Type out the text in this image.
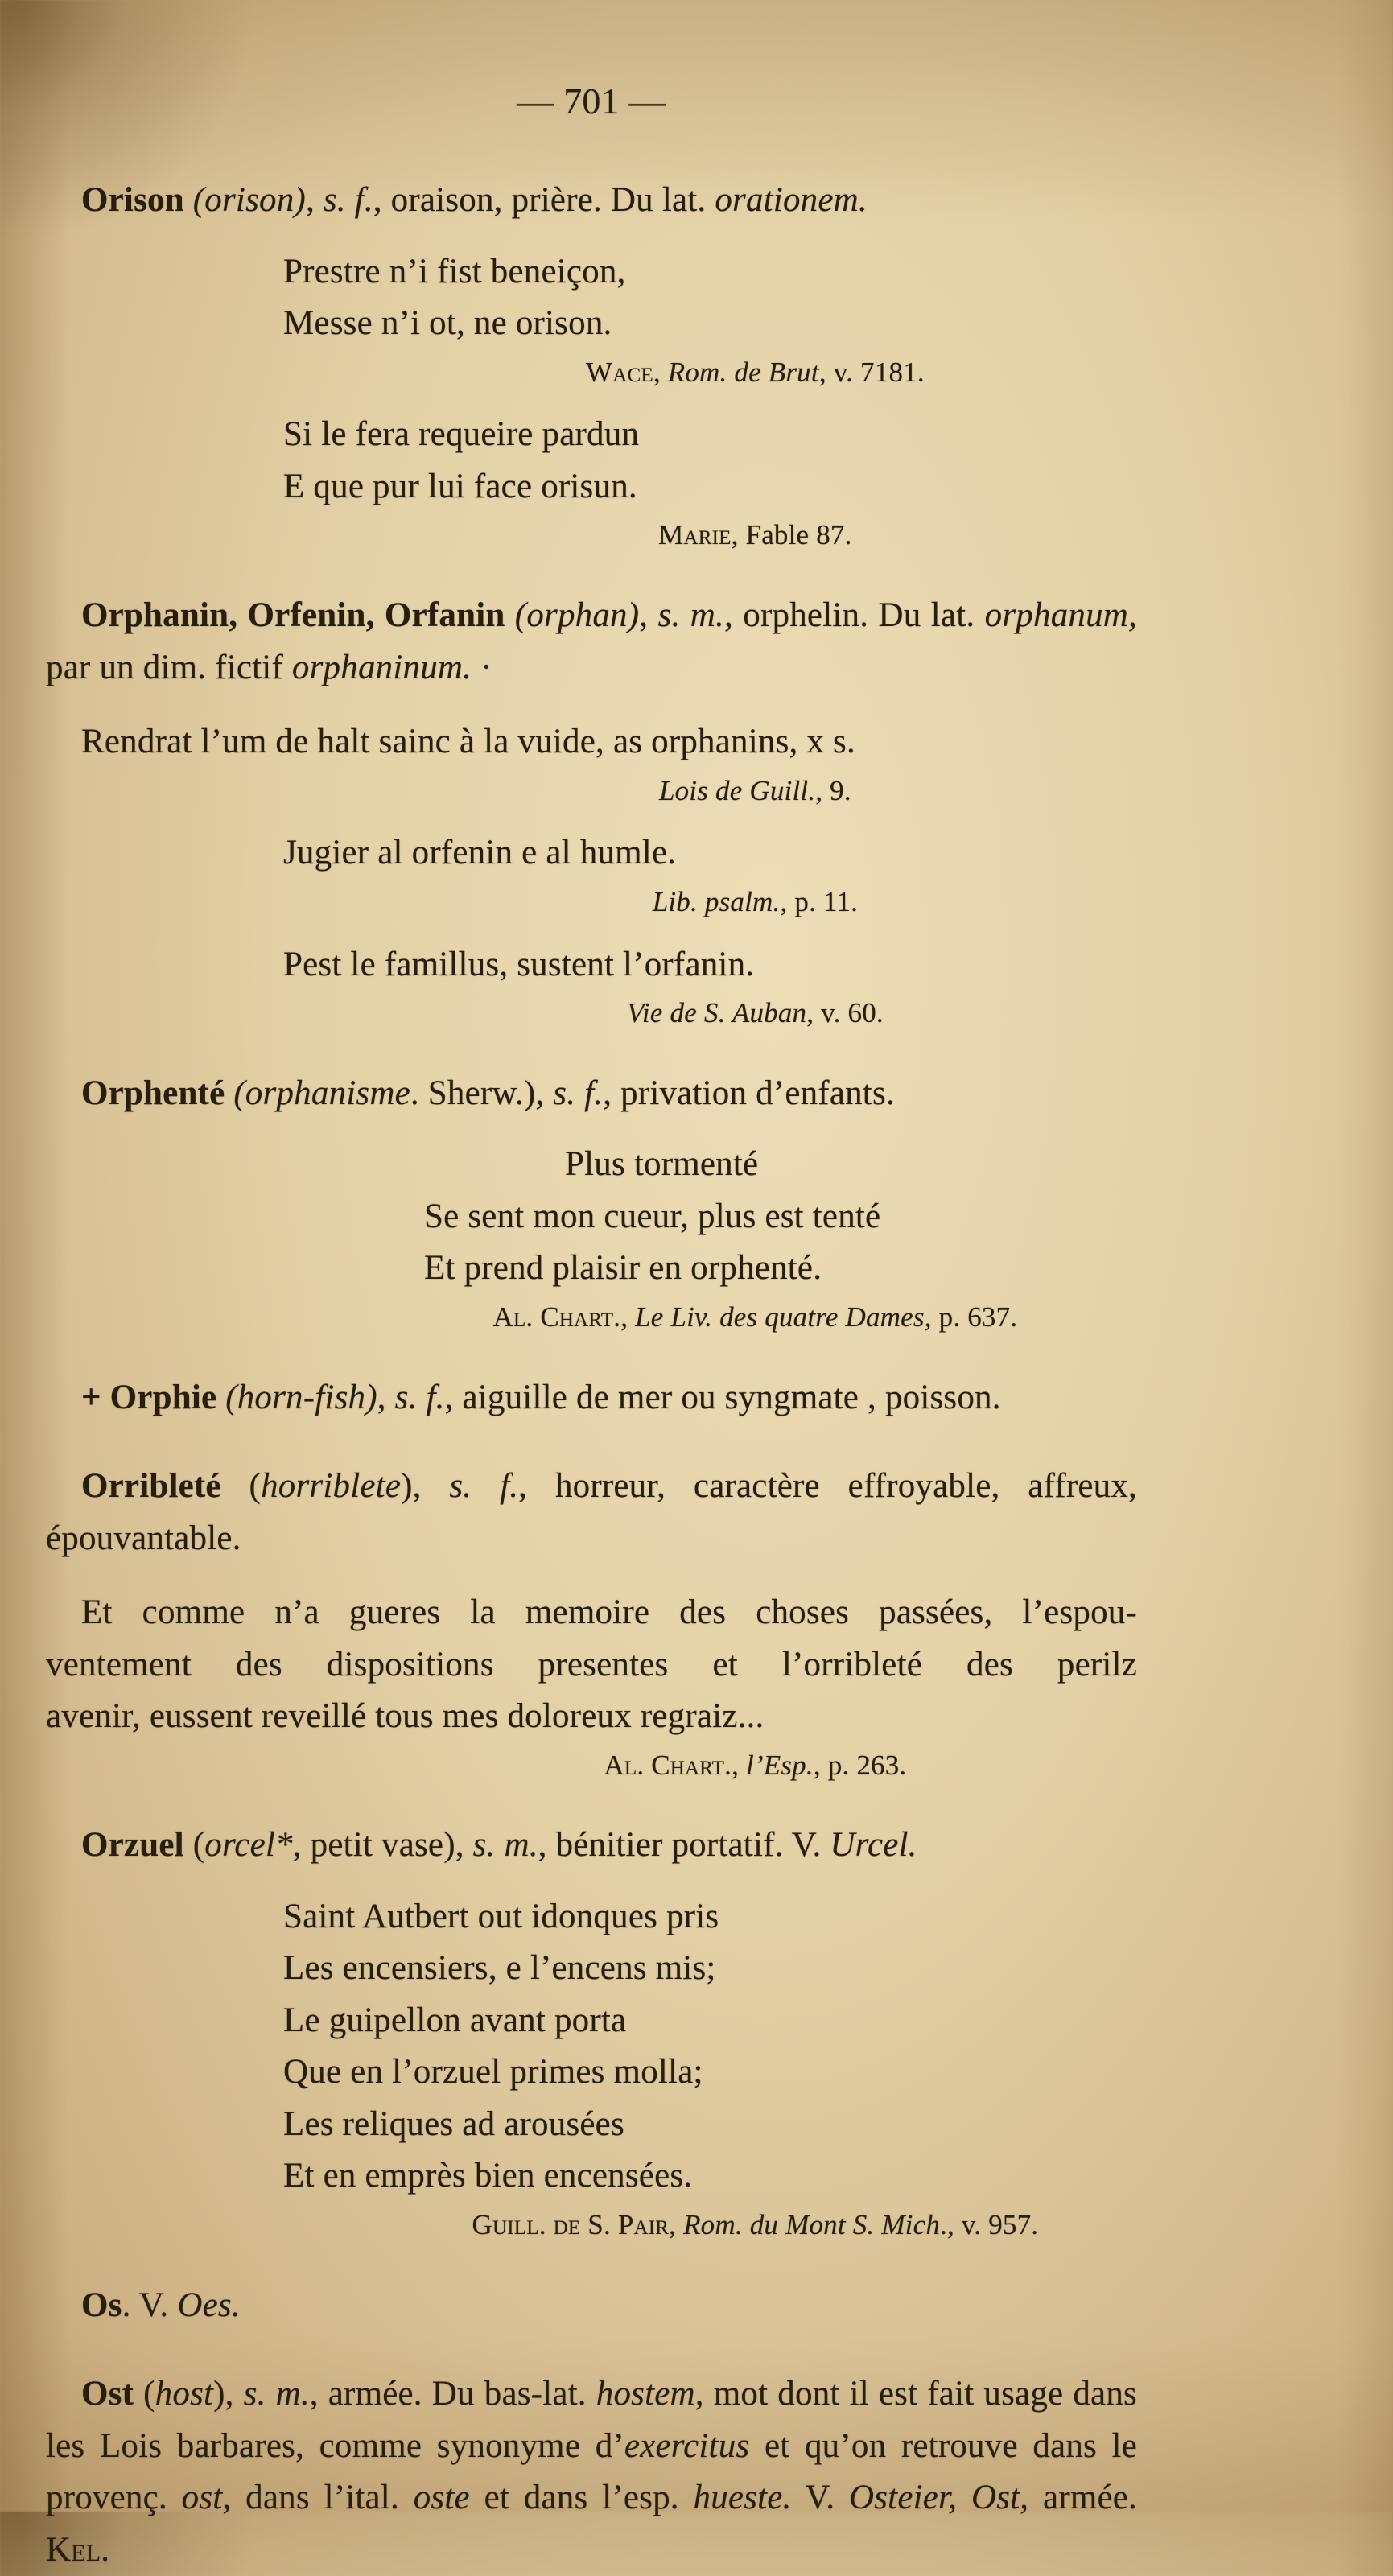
— 701 —

Orison (orison), s. f., oraison, prière. Du lat. orationem.

Prestre n’i fist beneiçon,
Messe n’i ot, ne orison.
Wace, Rom. de Brut, v. 7181.
Si le fera requeire pardun
E que pur lui face orisun.
Marie, Fable 87.

Orphanin, Orfenin, Orfanin (orphan), s. m., orphelin. Du lat. orphanum, par un dim. fictif orphaninum. ·

Rendrat l’um de halt sainc à la vuide, as orphanins, x s.
Lois de Guill., 9.
Jugier al orfenin e al humle.
Lib. psalm., p. 11.
Pest le famillus, sustent l’orfanin.
Vie de S. Auban, v. 60.

Orphenté (orphanisme. Sherw.), s. f., privation d’enfants.

Plus tormenté
Se sent mon cueur, plus est tenté
Et prend plaisir en orphenté.
Al. Chart., Le Liv. des quatre Dames, p. 637.

+ Orphie (horn-fish), s. f., aiguille de mer ou syngmate , poisson.

Orribleté (horriblete), s. f., horreur, caractère effroyable, affreux, épouvantable.

Et comme n’a gueres la memoire des choses passées, l’espou-
ventement des dispositions presentes et l’orribleté des perilz
avenir, eussent reveillé tous mes doloreux regraiz...
Al. Chart., l’Esp., p. 263.

Orzuel (orcel*, petit vase), s. m., bénitier portatif. V. Urcel.

Saint Autbert out idonques pris
Les encensiers, e l’encens mis;
Le guipellon avant porta
Que en l’orzuel primes molla;
Les reliques ad arousées
Et en emprès bien encensées.
Guill. de S. Pair, Rom. du Mont S. Mich., v. 957.

Os. V. Oes.

Ost (host), s. m., armée. Du bas-lat. hostem, mot dont il est fait usage dans les Lois barbares, comme synonyme d’exercitus et qu’on retrouve dans le provenç. ost, dans l’ital. oste et dans l’esp. hueste. V. Osteier, Ost, armée. Kel.
